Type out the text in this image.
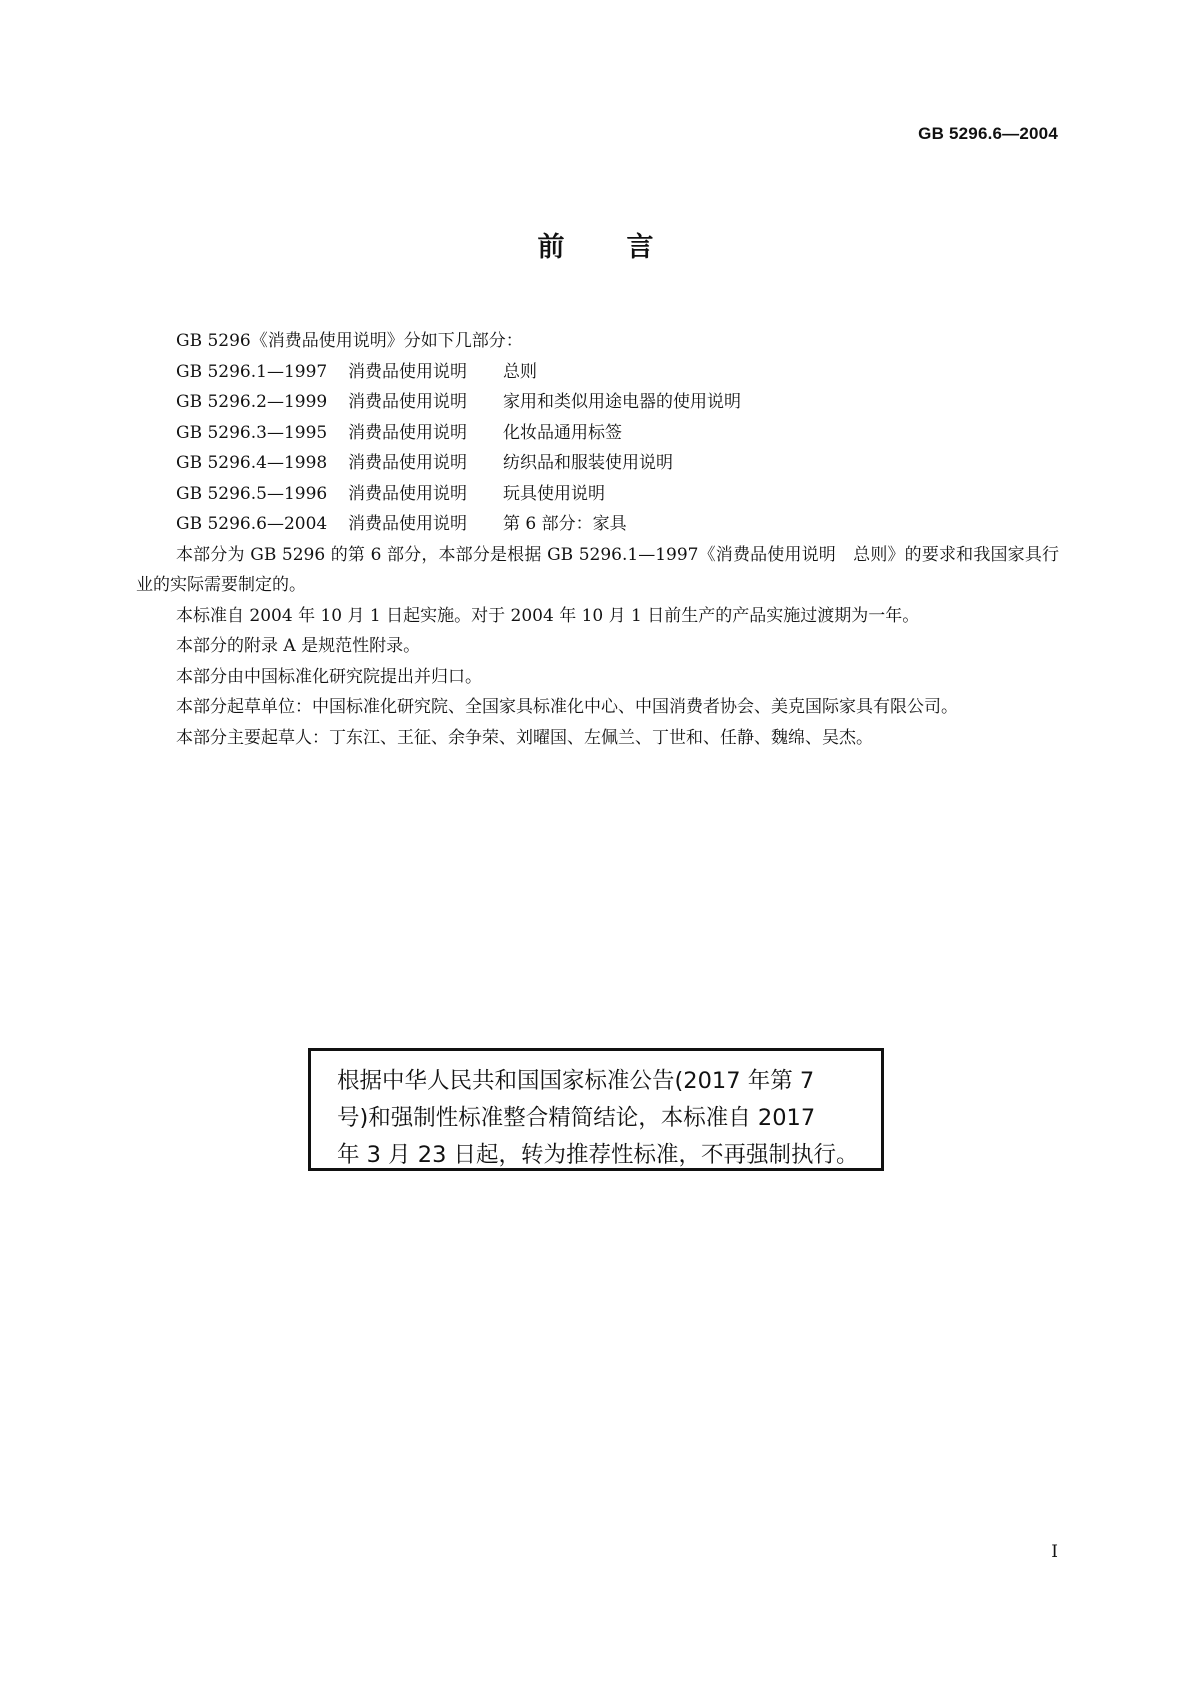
GB 5296.6—2004
前 言
GB 5296《消费品使用说明》分如下几部分：
GB 5296.1—1997 消费品使用说明 总则
GB 5296.2—1999 消费品使用说明 家用和类似用途电器的使用说明
GB 5296.3—1995 消费品使用说明 化妆品通用标签
GB 5296.4—1998 消费品使用说明 纺织品和服装使用说明
GB 5296.5—1996 消费品使用说明 玩具使用说明
GB 5296.6—2004 消费品使用说明 第 6 部分：家具
本部分为 GB 5296 的第 6 部分，本部分是根据 GB 5296.1—1997《消费品使用说明　总则》的要求和我国家具行业的实际需要制定的。
本标准自 2004 年 10 月 1 日起实施。对于 2004 年 10 月 1 日前生产的产品实施过渡期为一年。
本部分的附录 A 是规范性附录。
本部分由中国标准化研究院提出并归口。
本部分起草单位：中国标准化研究院、全国家具标准化中心、中国消费者协会、美克国际家具有限公司。
本部分主要起草人：丁东江、王征、余争荣、刘曜国、左佩兰、丁世和、任静、魏绵、吴杰。
根据中华人民共和国国家标准公告(2017 年第 7
号)和强制性标准整合精简结论，本标准自 2017
年 3 月 23 日起，转为推荐性标准，不再强制执行。
I
